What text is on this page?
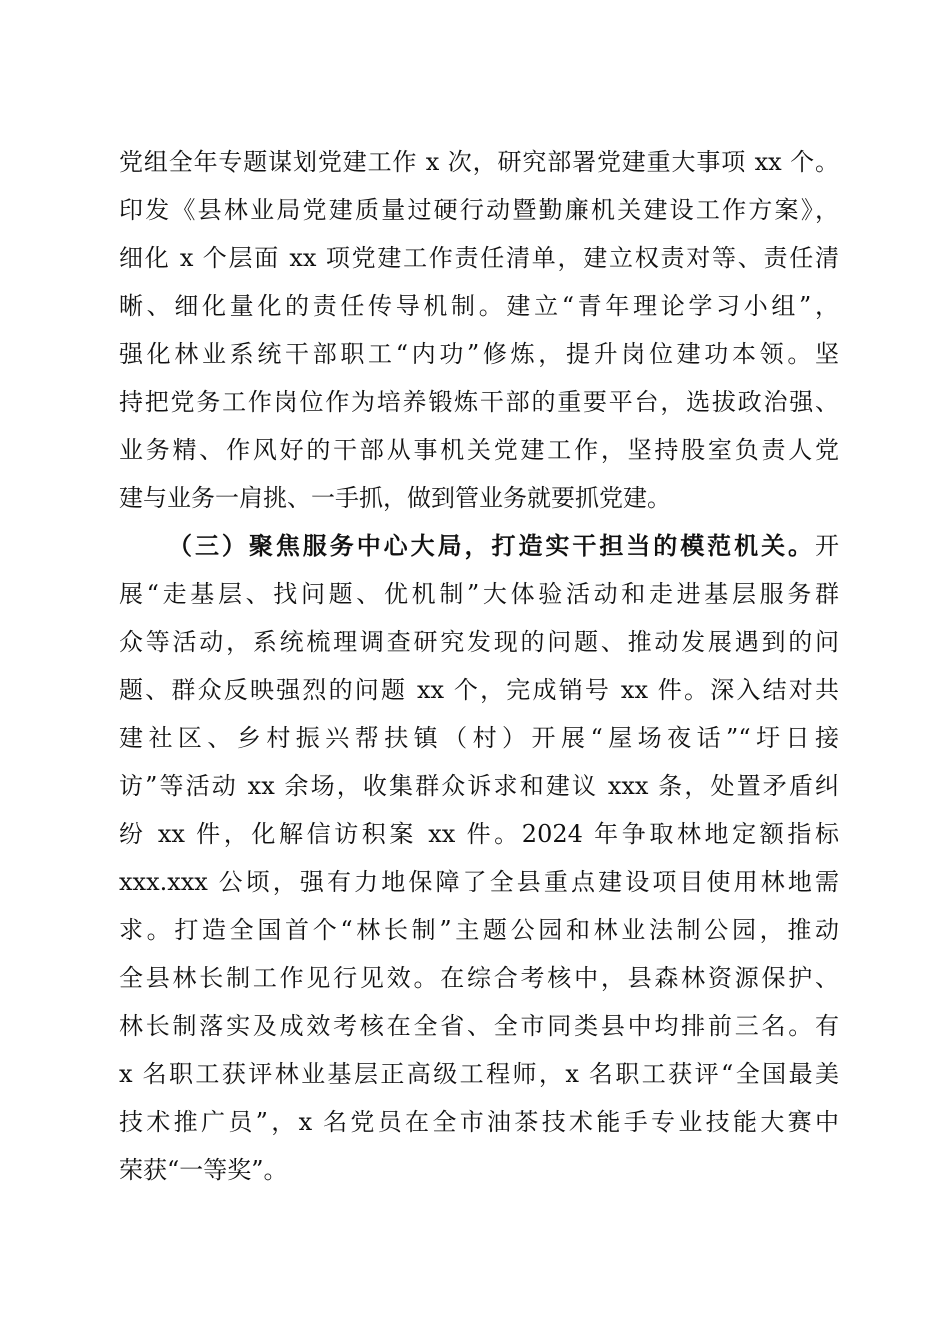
党组全年专题谋划党建工作 x 次，研究部署党建重大事项 xx 个。
印发《县林业局党建质量过硬行动暨勤廉机关建设工作方案》，
细化 x 个层面 xx 项党建工作责任清单，建立权责对等、责任清
晰、细化量化的责任传导机制。建立“青年理论学习小组”，
强化林业系统干部职工“内功”修炼，提升岗位建功本领。坚
持把党务工作岗位作为培养锻炼干部的重要平台，选拔政治强、
业务精、作风好的干部从事机关党建工作，坚持股室负责人党
建与业务一肩挑、一手抓，做到管业务就要抓党建。
（三）聚焦服务中心大局，打造实干担当的模范机关。开
展“走基层、找问题、优机制”大体验活动和走进基层服务群
众等活动，系统梳理调查研究发现的问题、推动发展遇到的问
题、群众反映强烈的问题 xx 个，完成销号 xx 件。深入结对共
建社区、乡村振兴帮扶镇（村）开展“屋场夜话”“圩日接
访”等活动 xx 余场，收集群众诉求和建议 xxx 条，处置矛盾纠
纷 xx 件，化解信访积案 xx 件。2024 年争取林地定额指标
xxx.xxx 公顷，强有力地保障了全县重点建设项目使用林地需
求。打造全国首个“林长制”主题公园和林业法制公园，推动
全县林长制工作见行见效。在综合考核中，县森林资源保护、
林长制落实及成效考核在全省、全市同类县中均排前三名。有
x 名职工获评林业基层正高级工程师，x 名职工获评“全国最美
技术推广员”，x 名党员在全市油茶技术能手专业技能大赛中
荣获“一等奖”。
